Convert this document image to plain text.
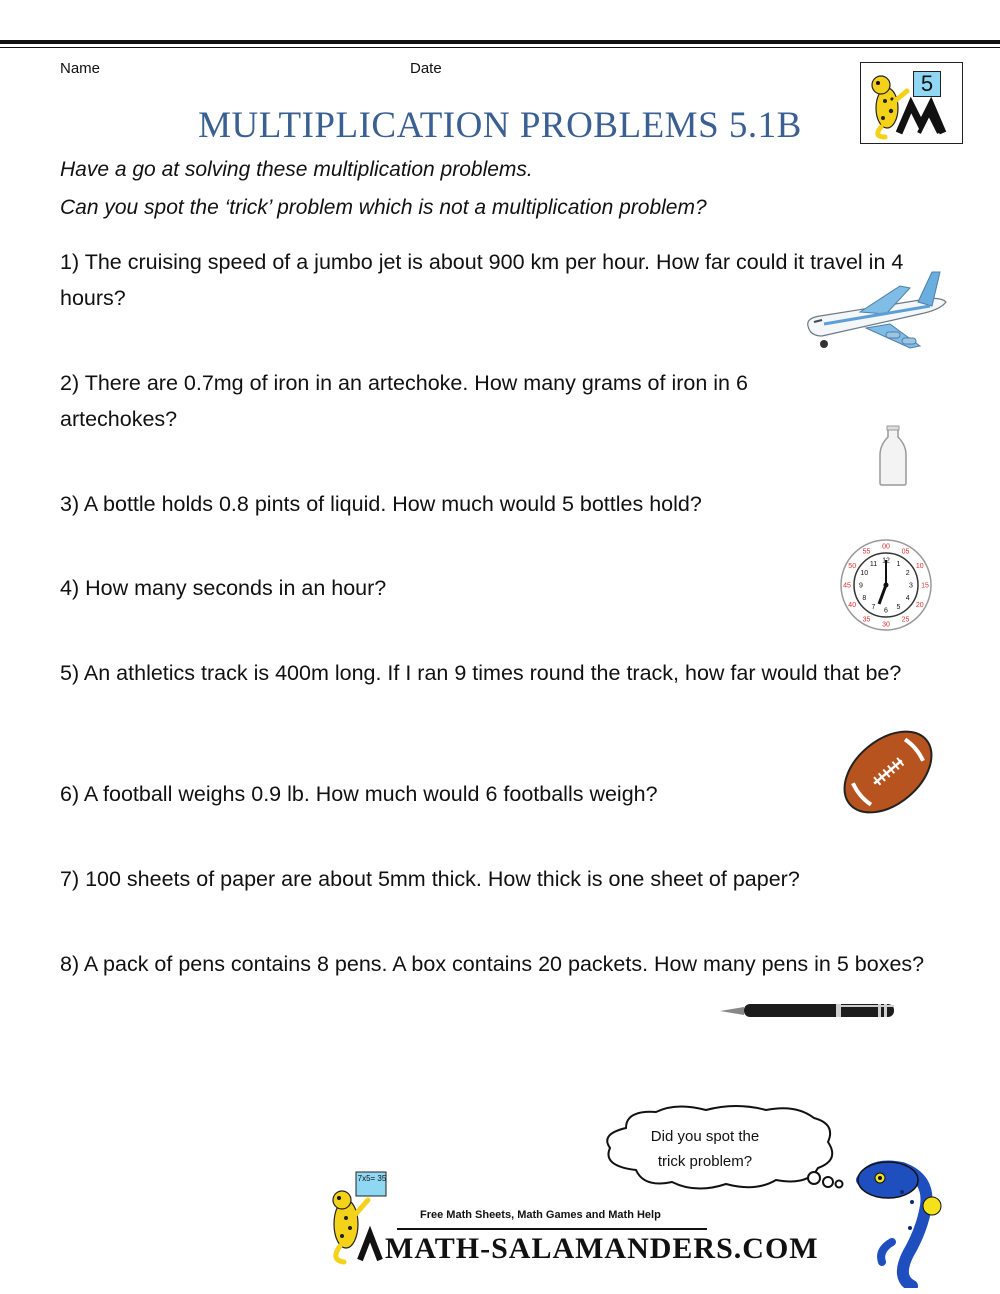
Name	Date
5
MULTIPLICATION PROBLEMS 5.1B
Have a go at solving these multiplication problems.
Can you spot the ‘trick’ problem which is not a multiplication problem?
1) The cruising speed of a jumbo jet is about 900 km per hour. How far could it travel in 4 hours?
2) There are 0.7mg of iron in an artechoke. How many grams of iron in 6 artechokes?
3) A bottle holds 0.8 pints of liquid. How much would 5 bottles hold?
4) How many seconds in an hour?
5) An athletics track is 400m long. If I ran 9 times round the track, how far would that be?
6) A football weighs 0.9 lb. How much would 6 footballs weigh?
7) 100 sheets of paper are about 5mm thick. How thick is one sheet of paper?
8) A pack of pens contains 8 pens. A box contains 20 packets. How many pens in 5 boxes?
00
05
10
15
20
25
30
35
40
45
50
55
12 1
2
3
4
5
6
7
8
9
10
11
Did you spot the
trick problem?
7x5= 35
Free Math Sheets, Math Games and Math Help
MATH-SALAMANDERS.COM
